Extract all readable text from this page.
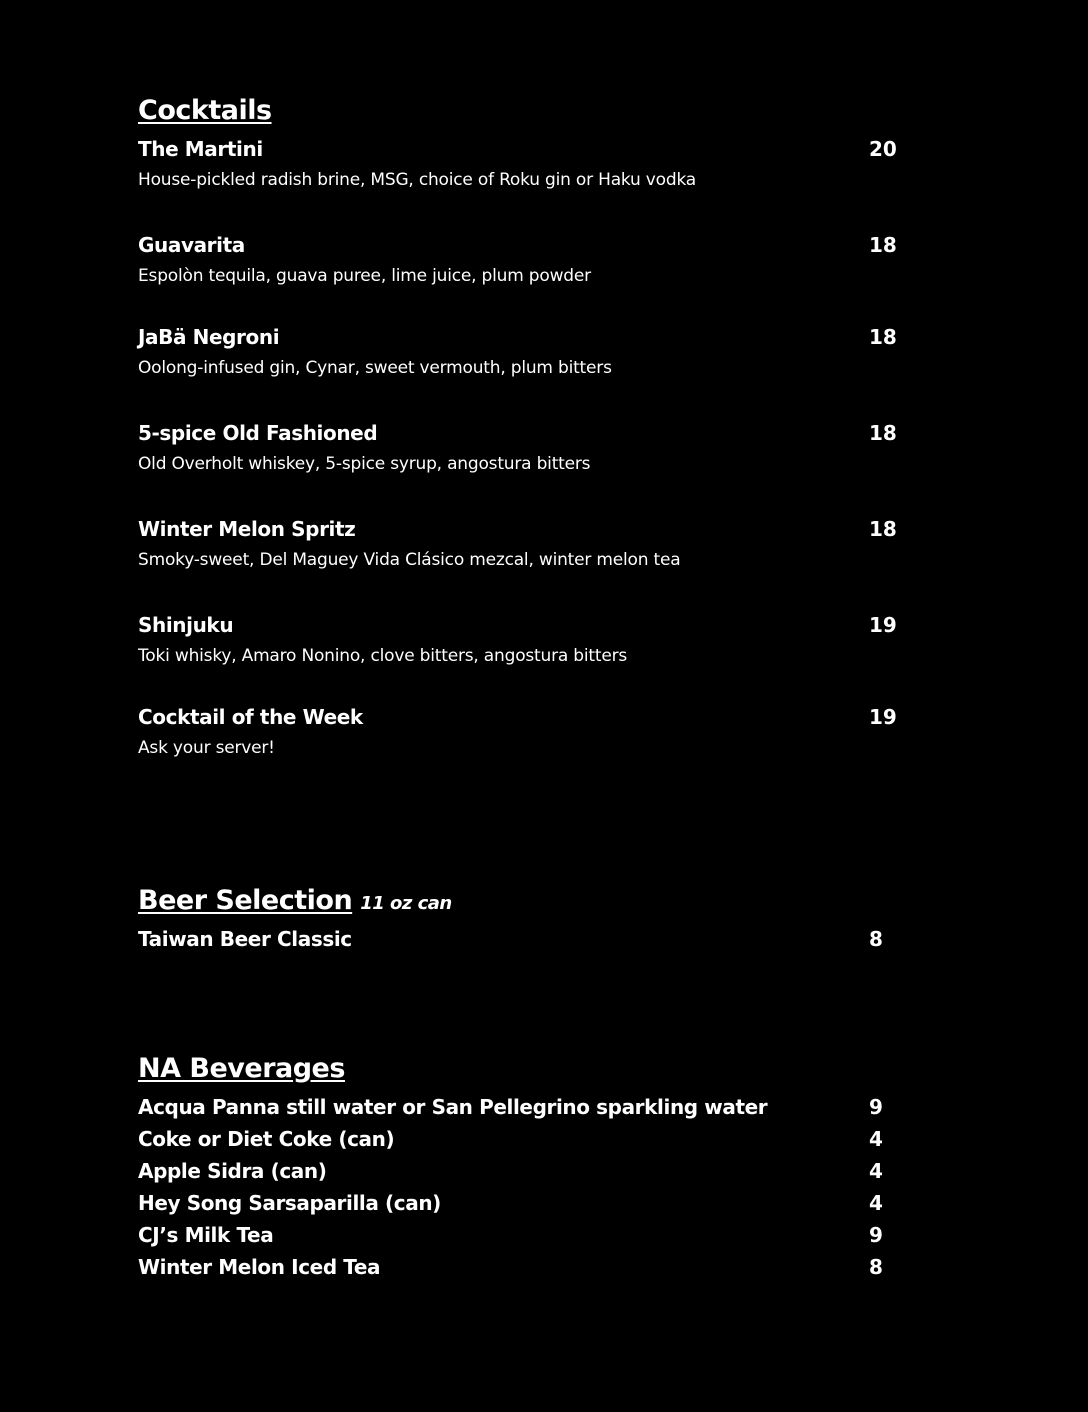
Cocktails
The Martini	20
House-pickled radish brine, MSG, choice of Roku gin or Haku vodka
Guavarita	18
Espolòn tequila, guava puree, lime juice, plum powder
JaBä Negroni	18
Oolong-infused gin, Cynar, sweet vermouth, plum bitters
5-spice Old Fashioned	18
Old Overholt whiskey, 5-spice syrup, angostura bitters
Winter Melon Spritz	18
Smoky-sweet, Del Maguey Vida Clásico mezcal, winter melon tea
Shinjuku	19
Toki whisky, Amaro Nonino, clove bitters, angostura bitters
Cocktail of the Week	19
Ask your server!
Beer Selection 11 oz can
Taiwan Beer Classic	8
NA Beverages
Acqua Panna still water or San Pellegrino sparkling water	9
Coke or Diet Coke (can)	4
Apple Sidra (can)	4
Hey Song Sarsaparilla (can)	4
CJ’s Milk Tea	9
Winter Melon Iced Tea	8
